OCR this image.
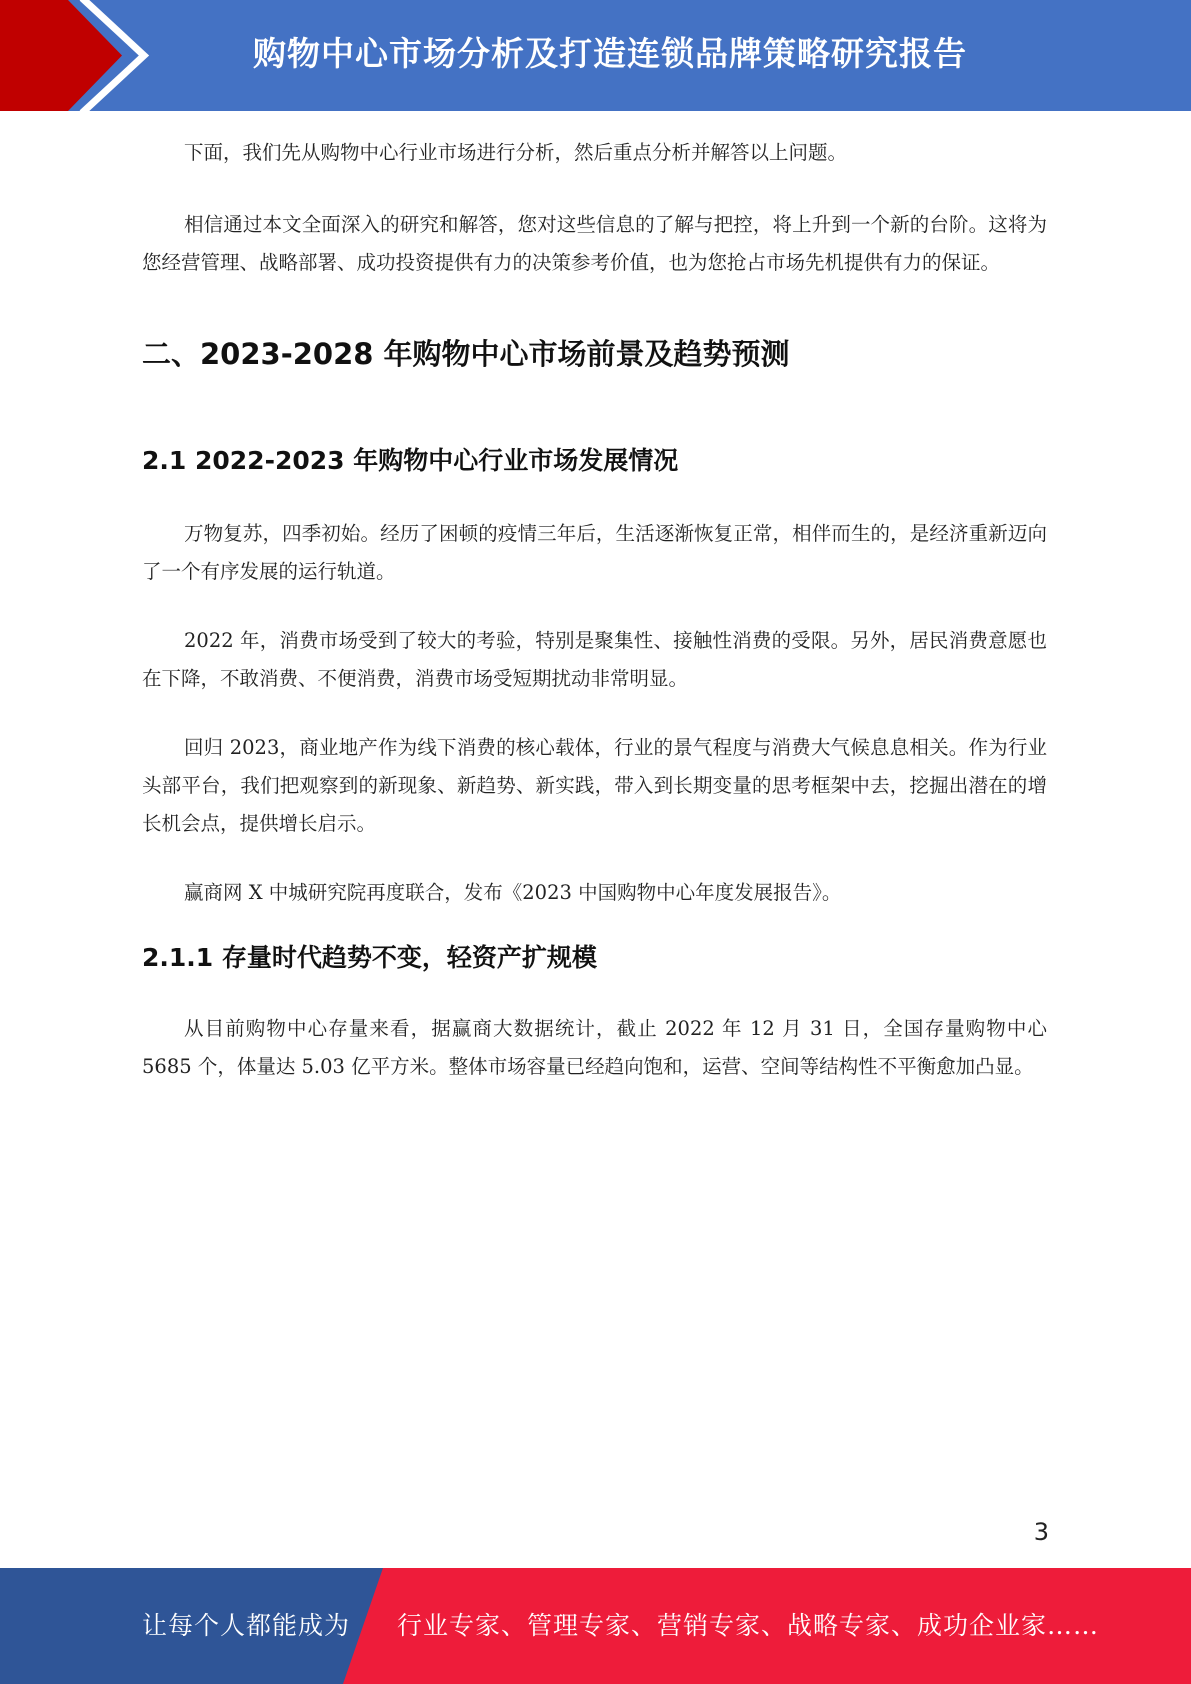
购物中心市场分析及打造连锁品牌策略研究报告

下面，我们先从购物中心行业市场进行分析，然后重点分析并解答以上问题。

相信通过本文全面深入的研究和解答，您对这些信息的了解与把控，将上升到一个新的台阶。这将为您经营管理、战略部署、成功投资提供有力的决策参考价值，也为您抢占市场先机提供有力的保证。

二、2023-2028 年购物中心市场前景及趋势预测
2.1 2022-2023 年购物中心行业市场发展情况

万物复苏，四季初始。经历了困顿的疫情三年后，生活逐渐恢复正常，相伴而生的，是经济重新迈向了一个有序发展的运行轨道。

2022 年，消费市场受到了较大的考验，特别是聚集性、接触性消费的受限。另外，居民消费意愿也在下降，不敢消费、不便消费，消费市场受短期扰动非常明显。

回归 2023，商业地产作为线下消费的核心载体，行业的景气程度与消费大气候息息相关。作为行业头部平台，我们把观察到的新现象、新趋势、新实践，带入到长期变量的思考框架中去，挖掘出潜在的增长机会点，提供增长启示。

赢商网 X 中城研究院再度联合，发布《2023 中国购物中心年度发展报告》。

2.1.1 存量时代趋势不变，轻资产扩规模

从目前购物中心存量来看，据赢商大数据统计，截止 2022 年 12 月 31 日，全国存量购物中心 5685 个，体量达 5.03 亿平方米。整体市场容量已经趋向饱和，运营、空间等结构性不平衡愈加凸显。

3
让每个人都能成为 行业专家、管理专家、营销专家、战略专家、成功企业家……
